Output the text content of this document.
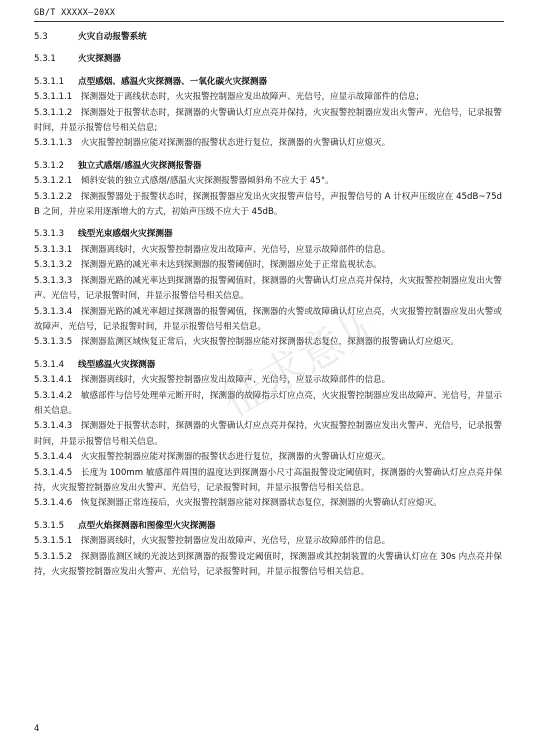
GB/T XXXXX—20XX
5.3	火灾自动报警系统
5.3.1	火灾探测器
5.3.1.1 点型感烟、感温火灾探测器、一氧化碳火灾探测器
5.3.1.1.1　探测器处于离线状态时，火灾报警控制器应发出故障声、光信号，应显示故障部件的信息;
5.3.1.1.2　探测器处于报警状态时，探测器的火警确认灯应点亮并保持，火灾报警控制器应发出火警声、光信号，记录报警时间，并显示报警信号相关信息;
5.3.1.1.3　火灾报警控制器应能对探测器的报警状态进行复位，探测器的火警确认灯应熄灭。
5.3.1.2 独立式感烟/感温火灾探测报警器
5.3.1.2.1　倾斜安装的独立式感烟/感温火灾探测报警器倾斜角不应大于 45°。
5.3.1.2.2　探测报警器处于报警状态时，探测报警器应发出火灾报警声信号，声报警信号的 A 计权声压级应在 45dB~75dB 之间，并应采用逐渐增大的方式，初始声压级不应大于 45dB。
5.3.1.3 线型光束感烟火灾探测器
5.3.1.3.1　探测器离线时，火灾报警控制器应发出故障声、光信号，应显示故障部件的信息。
5.3.1.3.2　探测器光路的减光率未达到探测器的报警阈值时，探测器应处于正常监视状态。
5.3.1.3.3　探测器光路的减光率达到探测器的报警阈值时，探测器的火警确认灯应点亮并保持，火灾报警控制器应发出火警声、光信号，记录报警时间，并显示报警信号相关信息。
5.3.1.3.4　探测器光路的减光率超过探测器的报警阈值，探测器的火警或故障确认灯应点亮，火灾报警控制器应发出火警或故障声、光信号，记录报警时间，并显示报警信号相关信息。
5.3.1.3.5　探测器监测区域恢复正常后，火灾报警控制器应能对探测器状态复位，探测器的报警确认灯应熄灭。
5.3.1.4 线型感温火灾探测器
5.3.1.4.1　探测器离线时，火灾报警控制器应发出故障声、光信号，应显示故障部件的信息。
5.3.1.4.2　敏感部件与信号处理单元断开时，探测器的故障指示灯应点亮，火灾报警控制器应发出故障声、光信号，并显示相关信息。
5.3.1.4.3　探测器处于报警状态时，探测器的火警确认灯应点亮并保持，火灾报警控制器应发出火警声、光信号，记录报警时间，并显示报警信号相关信息。
5.3.1.4.4　火灾报警控制器应能对探测器的报警状态进行复位，探测器的火警确认灯应熄灭。
5.3.1.4.5　长度为 100mm 敏感部件周围的温度达到探测器小尺寸高温报警设定阈值时，探测器的火警确认灯应点亮并保持，火灾报警控制器应发出火警声、光信号，记录报警时间，并显示报警信号相关信息。
5.3.1.4.6　恢复探测器正常连接后，火灾报警控制器应能对探测器状态复位，探测器的火警确认灯应熄灭。
5.3.1.5 点型火焰探测器和图像型火灾探测器
5.3.1.5.1　探测器离线时，火灾报警控制器应发出故障声、光信号，应显示故障部件的信息。
5.3.1.5.2　探测器监测区域的光波达到探测器的报警设定阈值时，探测器或其控制装置的火警确认灯应在 30s 内点亮并保持，火灾报警控制器应发出火警声、光信号，记录报警时间，并显示报警信号相关信息。
征求意见稿
4
